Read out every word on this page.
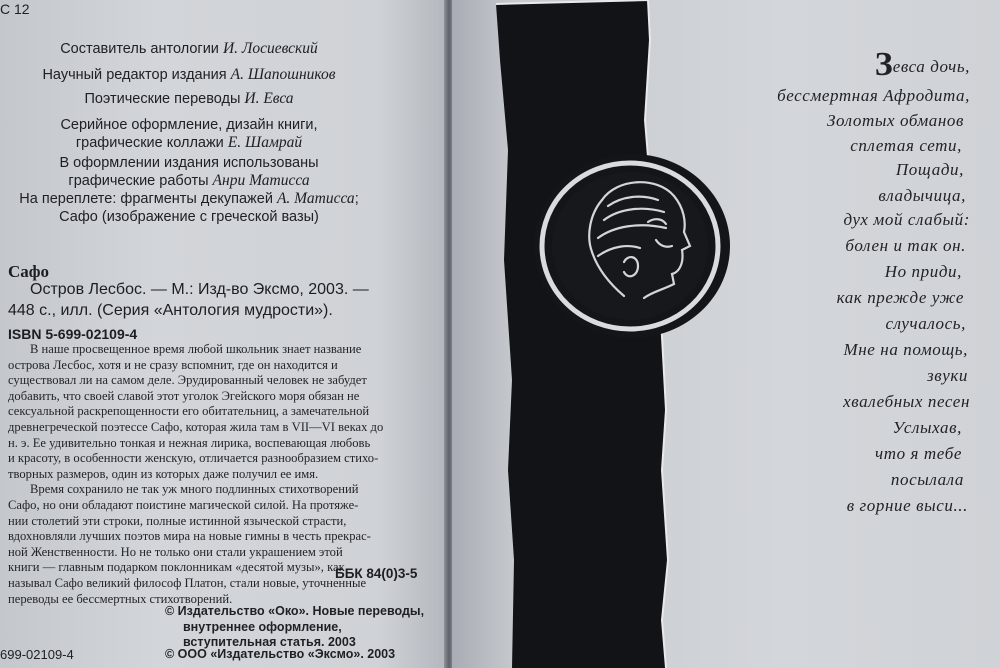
С 12
Составитель антологии И. Лосиевский
Научный редактор издания А. Шапошников
Поэтические переводы И. Евса
Серийное оформление, дизайн книги,
графические коллажи Е. Шамрай
В оформлении издания использованы
графические работы Анри Матисса
На переплете: фрагменты декупажей А. Матисса;
Сафо (изображение с греческой вазы)
Сафо
Остров Лесбос. — М.: Изд-во Эксмо, 2003. —
448 с., илл. (Серия «Антология мудрости»).
ISBN 5-699-02109-4
В наше просвещенное время любой школьник знает название
острова Лесбос, хотя и не сразу вспомнит, где он находится и
существовал ли на самом деле. Эрудированный человек не забудет
добавить, что своей славой этот уголок Эгейского моря обязан не
сексуальной раскрепощенности его обитательниц, а замечательной
древнегреческой поэтессе Сафо, которая жила там в VII—VI веках до
н. э. Ее удивительно тонкая и нежная лирика, воспевающая любовь
и красоту, в особенности женскую, отличается разнообразием стихо-
творных размеров, один из которых даже получил ее имя.
Время сохранило не так уж много подлинных стихотворений
Сафо, но они обладают поистине магической силой. На протяже-
нии столетий эти строки, полные истинной языческой страсти,
вдохновляли лучших поэтов мира на новые гимны в честь прекрас-
ной Женственности. Но не только они стали украшением этой
книги — главным подарком поклонникам «десятой музы», как
называл Сафо великий философ Платон, стали новые, уточненные
переводы ее бессмертных стихотворений.
ББК 84(0)3-5
© Издательство «Око». Новые переводы,
внутреннее оформление,
вступительная статья. 2003
© ООО «Издательство «Эксмо». 2003
699-02109-4
Зевса дочь,
бессмертная Афродита,
Золотых обманов
сплетая сети,
Пощади,
владычица,
дух мой слабый:
болен и так он.
Но приди,
как прежде уже
случалось,
Мне на помощь,
звуки
хвалебных песен
Услыхав,
что я тебе
посылала
в горние выси...
